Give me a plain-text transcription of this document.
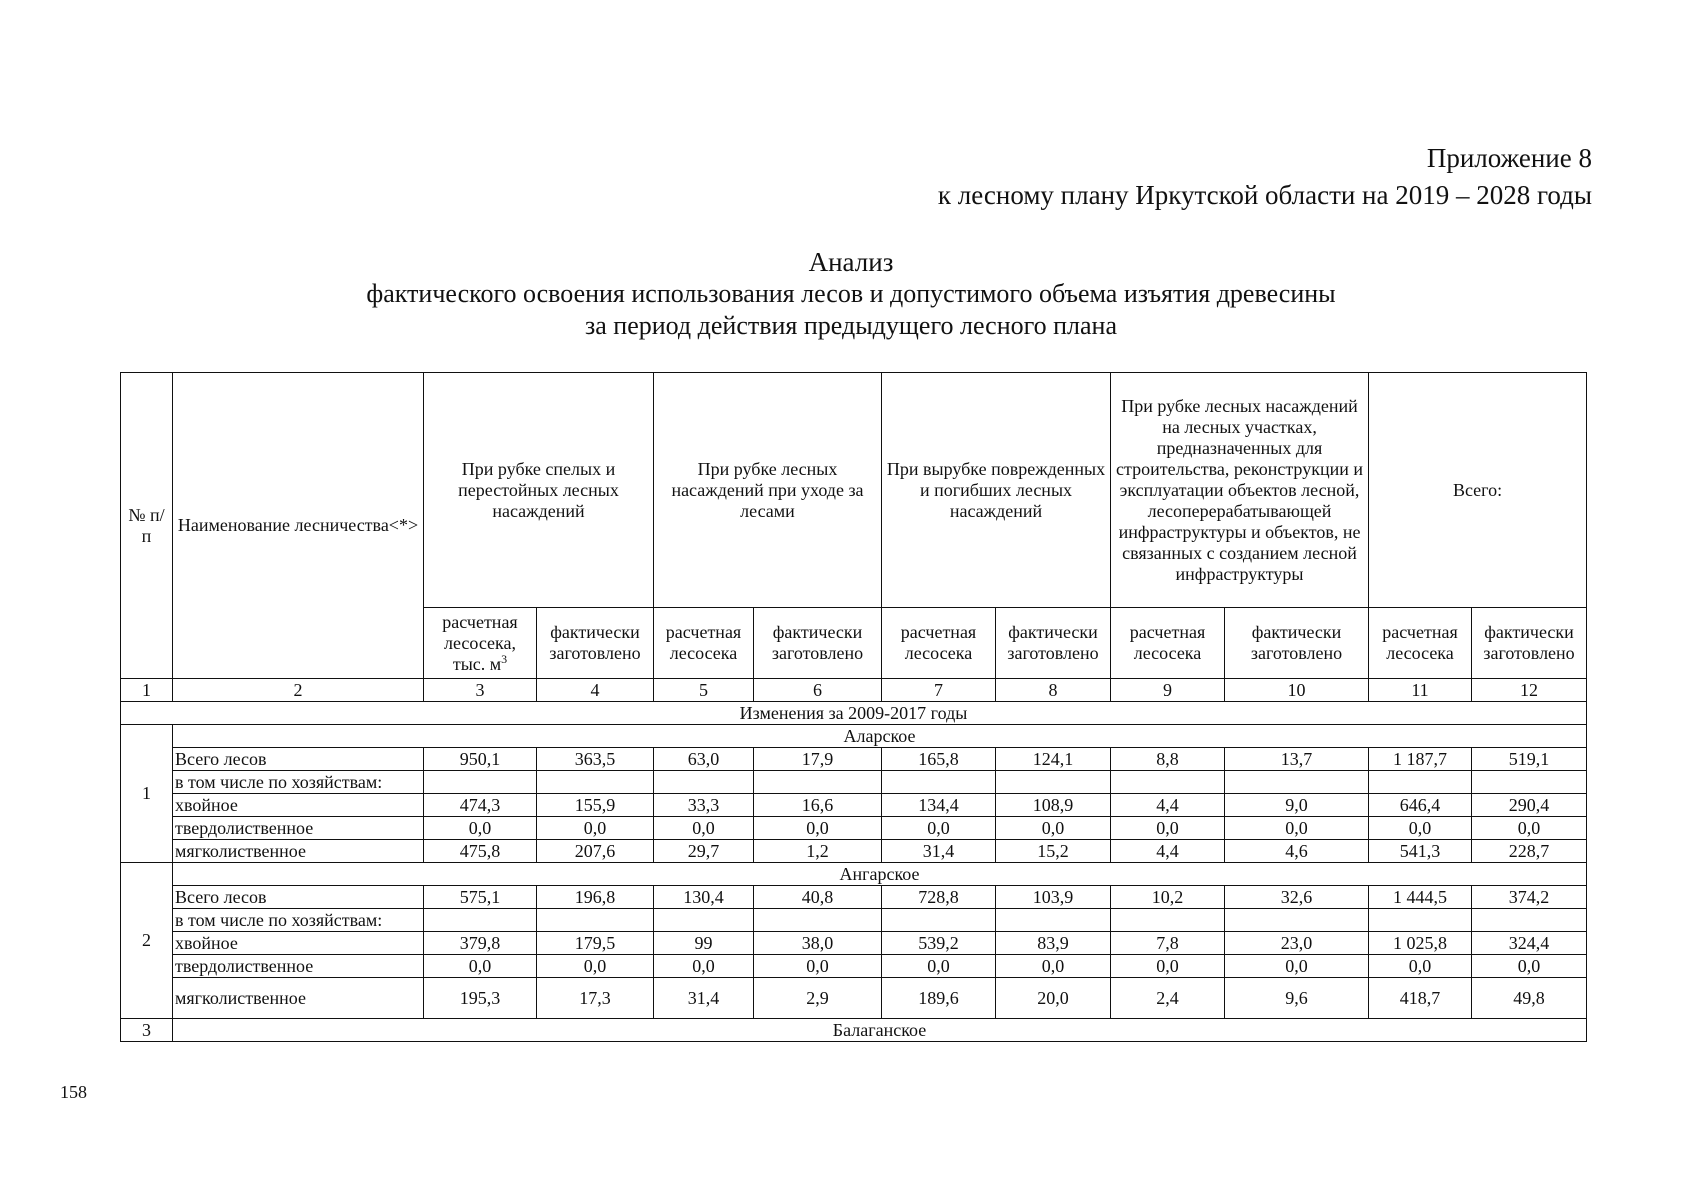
Приложение 8
к лесному плану Иркутской области на 2019 – 2028 годы
Анализ
фактического освоения использования лесов и допустимого объема изъятия древесины
за период действия предыдущего лесного плана
№ п/п	Наименование лесничества<*>	При рубке спелых и перестойных лесных насаждений		При рубке лесных насаждений при уходе за лесами		При вырубке поврежденных и погибших лесных насаждений		При рубке лесных насаждений на лесных участках, предназначенных для строительства, реконструкции и эксплуатации объектов лесной, лесоперерабатывающей инфраструктуры и объектов, не связанных с созданием лесной инфраструктуры		Всего:	
		расчетная лесосека, тыс. $м^3$	фактически заготовлено	расчетная лесосека	фактически заготовлено	расчетная лесосека	фактически заготовлено	расчетная лесосека	фактически заготовлено	расчетная лесосека	фактически заготовлено
1	2	3	4	5	6	7	8	9	10	11	12
Изменения за 2009-2017 годы											
1	Аларское										
	Всего лесов	950,1	363,5	63,0	17,9	165,8	124,1	8,8	13,7	1 187,7	519,1
	в том числе по хозяйствам:										
	хвойное	474,3	155,9	33,3	16,6	134,4	108,9	4,4	9,0	646,4	290,4
	твердолиственное	0,0	0,0	0,0	0,0	0,0	0,0	0,0	0,0	0,0	0,0
	мягколиственное	475,8	207,6	29,7	1,2	31,4	15,2	4,4	4,6	541,3	228,7
2	Ангарское										
	Всего лесов	575,1	196,8	130,4	40,8	728,8	103,9	10,2	32,6	1 444,5	374,2
	в том числе по хозяйствам:										
	хвойное	379,8	179,5	99	38,0	539,2	83,9	7,8	23,0	1 025,8	324,4
	твердолиственное	0,0	0,0	0,0	0,0	0,0	0,0	0,0	0,0	0,0	0,0
	мягколиственное	195,3	17,3	31,4	2,9	189,6	20,0	2,4	9,6	418,7	49,8
3	Балаганское										
158
